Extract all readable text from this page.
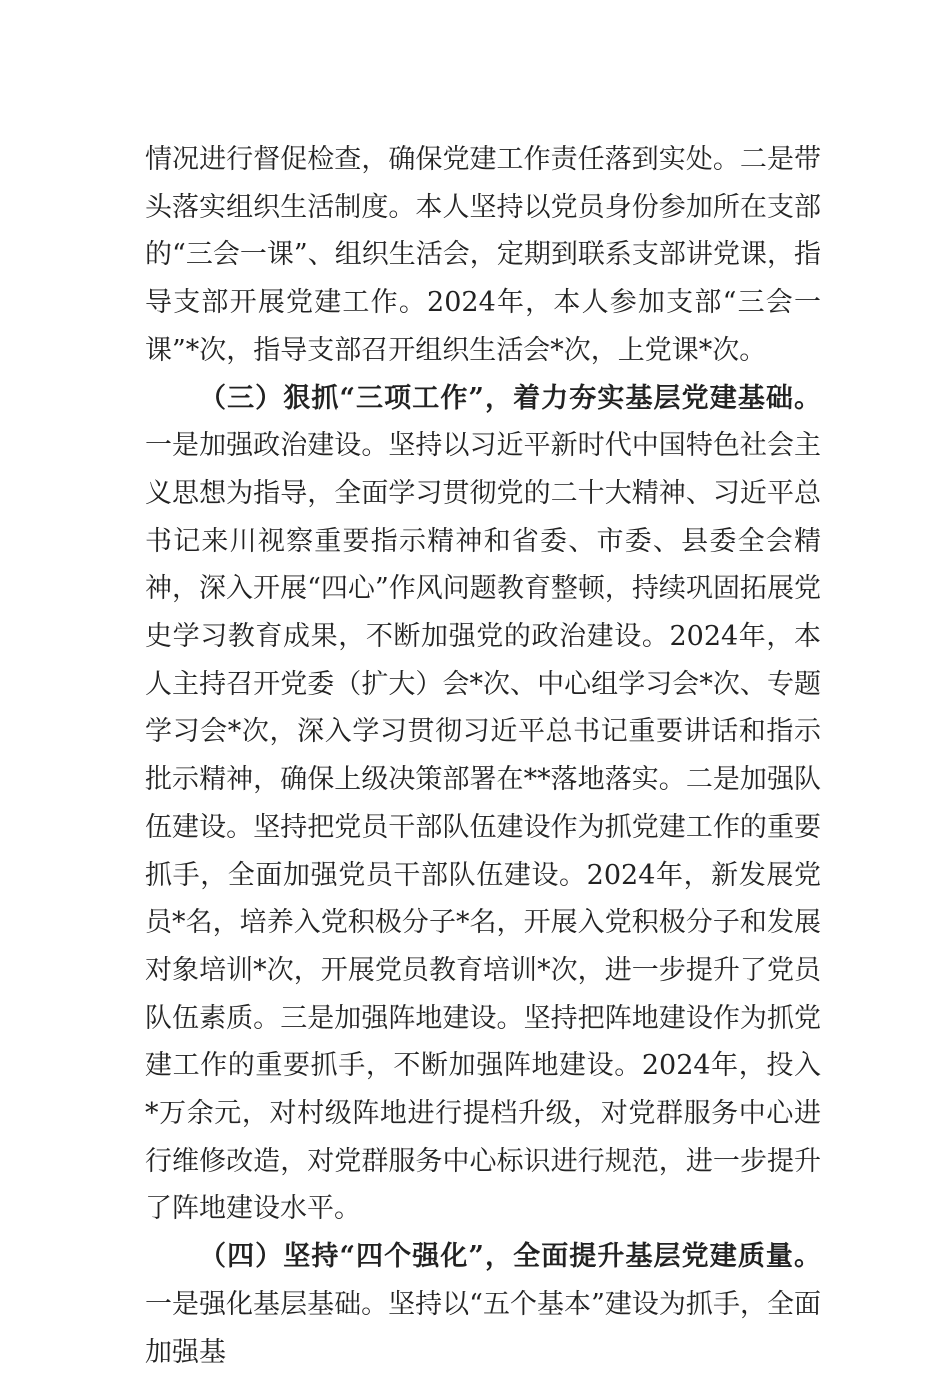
情况进行督促检查，确保党建工作责任落到实处。二是带头落实组织生活制度。本人坚持以党员身份参加所在支部的“三会一课”、组织生活会，定期到联系支部讲党课，指导支部开展党建工作。2024年，本人参加支部“三会一课”*次，指导支部召开组织生活会*次，上党课*次。

（三）狠抓“三项工作”，着力夯实基层党建基础。一是加强政治建设。坚持以习近平新时代中国特色社会主义思想为指导，全面学习贯彻党的二十大精神、习近平总书记来川视察重要指示精神和省委、市委、县委全会精神，深入开展“四心”作风问题教育整顿，持续巩固拓展党史学习教育成果，不断加强党的政治建设。2024年，本人主持召开党委（扩大）会*次、中心组学习会*次、专题学习会*次，深入学习贯彻习近平总书记重要讲话和指示批示精神，确保上级决策部署在**落地落实。二是加强队伍建设。坚持把党员干部队伍建设作为抓党建工作的重要抓手，全面加强党员干部队伍建设。2024年，新发展党员*名，培养入党积极分子*名，开展入党积极分子和发展对象培训*次，开展党员教育培训*次，进一步提升了党员队伍素质。三是加强阵地建设。坚持把阵地建设作为抓党建工作的重要抓手，不断加强阵地建设。2024年，投入*万余元，对村级阵地进行提档升级，对党群服务中心进行维修改造，对党群服务中心标识进行规范，进一步提升了阵地建设水平。

（四）坚持“四个强化”，全面提升基层党建质量。一是强化基层基础。坚持以“五个基本”建设为抓手，全面加强基
